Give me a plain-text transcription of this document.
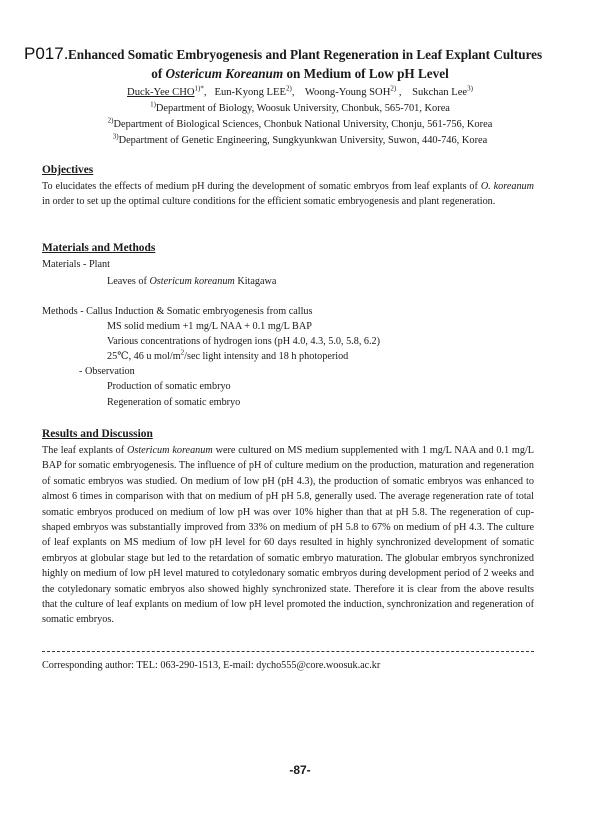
P017. Enhanced Somatic Embryogenesis and Plant Regeneration in Leaf Explant Cultures
of Ostericum Koreanum on Medium of Low pH Level
Duck-Yee $CHO^{1)*}$,   Eun-Kyong LEE$^{2)}$,    Woong-Young SOH$^{2)}$ ,    Sukchan Lee$^{3)}$
$^{1)}$Department of Biology, Woosuk University, Chonbuk, 565-701, Korea
$^{2)}$Department of Biological Sciences, Chonbuk National University, Chonju, 561-756, Korea
$^{3)}$Department of Genetic Engineering, Sungkyunkwan University, Suwon, 440-746, Korea
Objectives

To elucidates the effects of medium pH during the development of somatic embryos from leaf explants of O. koreanum in order to set up the optimal culture conditions for the efficient somatic embryogenesis and plant regeneration.

Materials and Methods
Materials - Plant
Leaves of Ostericum koreanum Kitagawa
Methods - Callus Induction & Somatic embryogenesis from callus
MS solid medium +1 mg/L NAA + 0.1 mg/L BAP
Various concentrations of hydrogen ions (pH 4.0, 4.3, 5.0, 5.8, 6.2)
25℃, 46 u mol/$m^2/\sec$ light intensity and 18 h photoperiod
- Observation
Production of somatic embryo
Regeneration of somatic embryo
Results and Discussion

The leaf explants of Ostericum koreanum were cultured on MS medium supplemented with 1 mg/L NAA and 0.1 mg/L BAP for somatic embryogenesis. The influence of pH of culture medium on the production, maturation and regeneration of somatic embryos was studied. On medium of low pH (pH 4.3), the production of somatic embryos was enhanced to almost 6 times in comparison with that on medium of pH pH 5.8, generally used. The average regeneration rate of total somatic embryos produced on medium of low pH was over 10% higher than that at pH 5.8. The regeneration of cup-shaped embryos was substantially improved from 33% on medium of pH 5.8 to 67% on medium of pH 4.3. The culture of leaf explants on MS medium of low pH level for 60 days resulted in highly synchronized development of somatic embryos at globular stage but led to the retardation of somatic embryo maturation. The globular embryos synchronized highly on medium of low pH level matured to cotyledonary somatic embryos during development period of 2 weeks and the cotyledonary somatic embryos also showed highly synchronized state. Therefore it is clear from the above results that the culture of leaf explants on medium of low pH level promoted the induction, synchronization and regeneration of somatic embryos.

Corresponding author: TEL: 063-290-1513, E-mail: dycho555@core.woosuk.ac.kr
-87-
